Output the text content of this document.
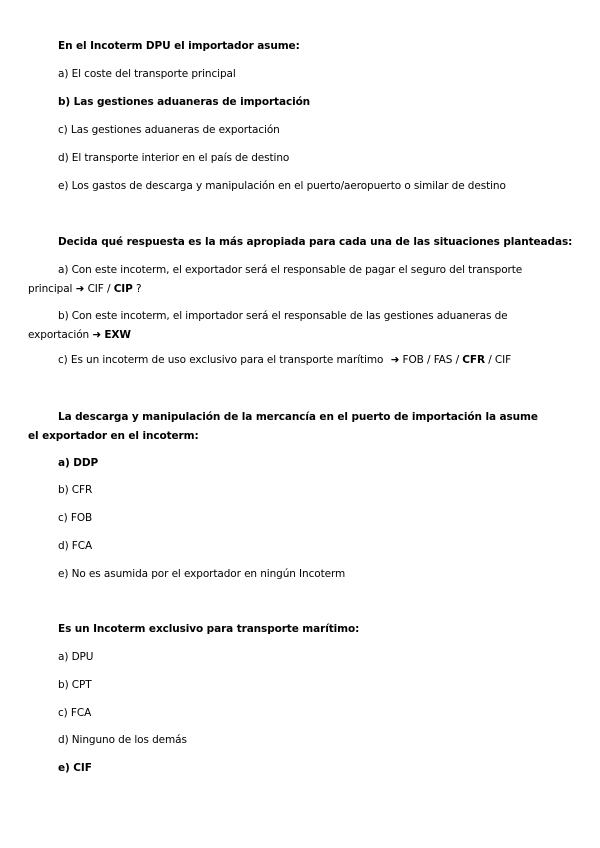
En el Incoterm DPU el importador asume:
a) El coste del transporte principal
b) Las gestiones aduaneras de importación
c) Las gestiones aduaneras de exportación
d) El transporte interior en el país de destino
e) Los gastos de descarga y manipulación en el puerto/aeropuerto o similar de destino
Decida qué respuesta es la más apropiada para cada una de las situaciones planteadas:
a) Con este incoterm, el exportador será el responsable de pagar el seguro del transporte principal ➜ CIF / CIP ?
b) Con este incoterm, el importador será el responsable de las gestiones aduaneras de exportación ➜ EXW
c) Es un incoterm de uso exclusivo para el transporte marítimo ➜ FOB / FAS / CFR / CIF
La descarga y manipulación de la mercancía en el puerto de importación la asume el exportador en el incoterm:
a) DDP
b) CFR
c) FOB
d) FCA
e) No es asumida por el exportador en ningún Incoterm
Es un Incoterm exclusivo para transporte marítimo:
a) DPU
b) CPT
c) FCA
d) Ninguno de los demás
e) CIF
